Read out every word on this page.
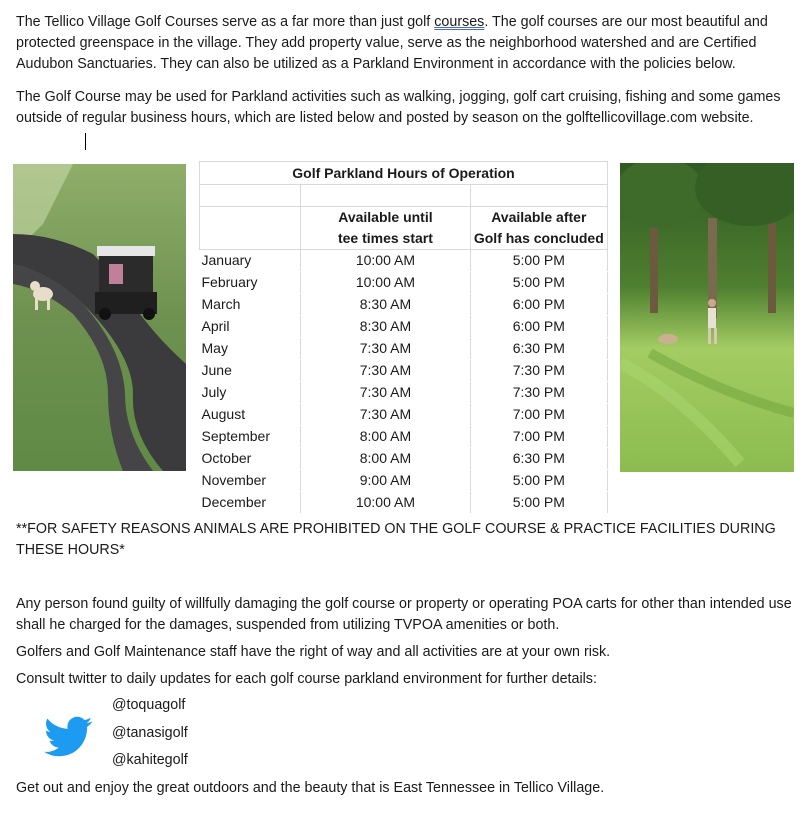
The Tellico Village Golf Courses serve as a far more than just golf courses. The golf courses are our most beautiful and protected greenspace in the village. They add property value, serve as the neighborhood watershed and are Certified Audubon Sanctuaries. They can also be utilized as a Parkland Environment in accordance with the policies below.

The Golf Course may be used for Parkland activities such as walking, jogging, golf cart cruising, fishing and some games outside of regular business hours, which are listed below and posted by season on the golftellicovillage.com website.

Golf Parkland Hours of Operation		

	Available until	Available after
	tee times start	Golf has concluded
January	10:00 AM	5:00 PM
February	10:00 AM	5:00 PM
March	8:30 AM	6:00 PM
April	8:30 AM	6:00 PM
May	7:30 AM	6:30 PM
June	7:30 AM	7:30 PM
July	7:30 AM	7:30 PM
August	7:30 AM	7:00 PM
September	8:00 AM	7:00 PM
October	8:00 AM	6:30 PM
November	9:00 AM	5:00 PM
December	10:00 AM	5:00 PM

**FOR SAFETY REASONS ANIMALS ARE PROHIBITED ON THE GOLF COURSE & PRACTICE FACILITIES DURING THESE HOURS*

Any person found guilty of willfully damaging the golf course or property or operating POA carts for other than intended use shall he charged for the damages, suspended from utilizing TVPOA amenities or both.

Golfers and Golf Maintenance staff have the right of way and all activities are at your own risk.

Consult twitter to daily updates for each golf course parkland environment for further details:

@toquagolf
@tanasigolf
@kahitegolf

Get out and enjoy the great outdoors and the beauty that is East Tennessee in Tellico Village.
